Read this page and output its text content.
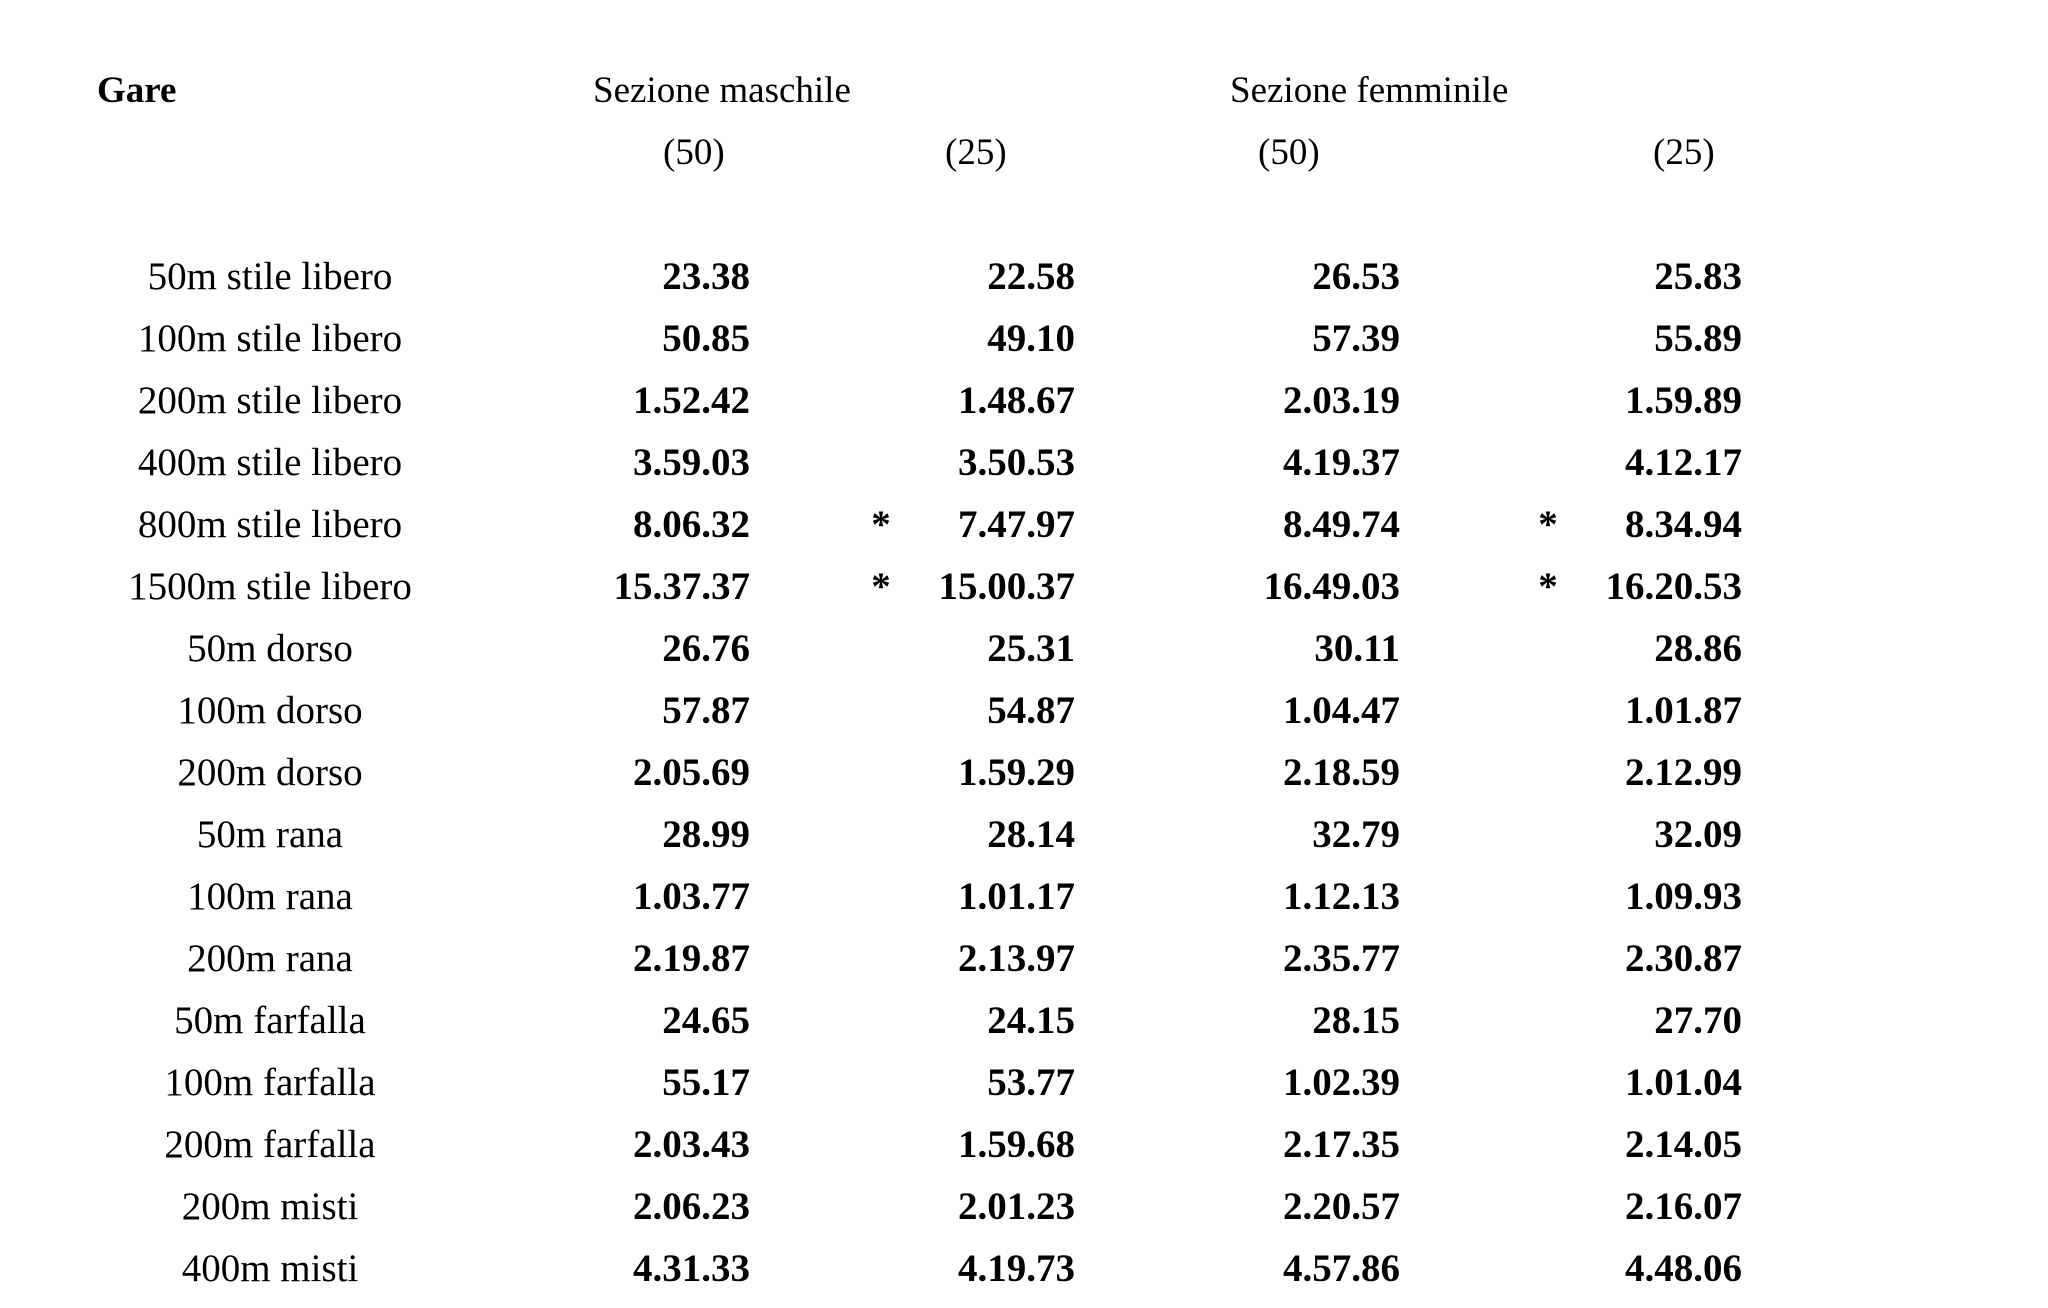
Gare	Sezione maschile	Sezione femminile
(50)	(25)	(50)	(25)
50m stile libero	23.38	22.58	26.53	25.83
100m stile libero	50.85	49.10	57.39	55.89
200m stile libero	1.52.42	1.48.67	2.03.19	1.59.89
400m stile libero	3.59.03	3.50.53	4.19.37	4.12.17
800m stile libero	8.06.32	*	7.47.97	8.49.74	*	8.34.94
1500m stile libero	15.37.37	*	15.00.37	16.49.03	*	16.20.53
50m dorso	26.76	25.31	30.11	28.86
100m dorso	57.87	54.87	1.04.47	1.01.87
200m dorso	2.05.69	1.59.29	2.18.59	2.12.99
50m rana	28.99	28.14	32.79	32.09
100m rana	1.03.77	1.01.17	1.12.13	1.09.93
200m rana	2.19.87	2.13.97	2.35.77	2.30.87
50m farfalla	24.65	24.15	28.15	27.70
100m farfalla	55.17	53.77	1.02.39	1.01.04
200m farfalla	2.03.43	1.59.68	2.17.35	2.14.05
200m misti	2.06.23	2.01.23	2.20.57	2.16.07
400m misti	4.31.33	4.19.73	4.57.86	4.48.06
